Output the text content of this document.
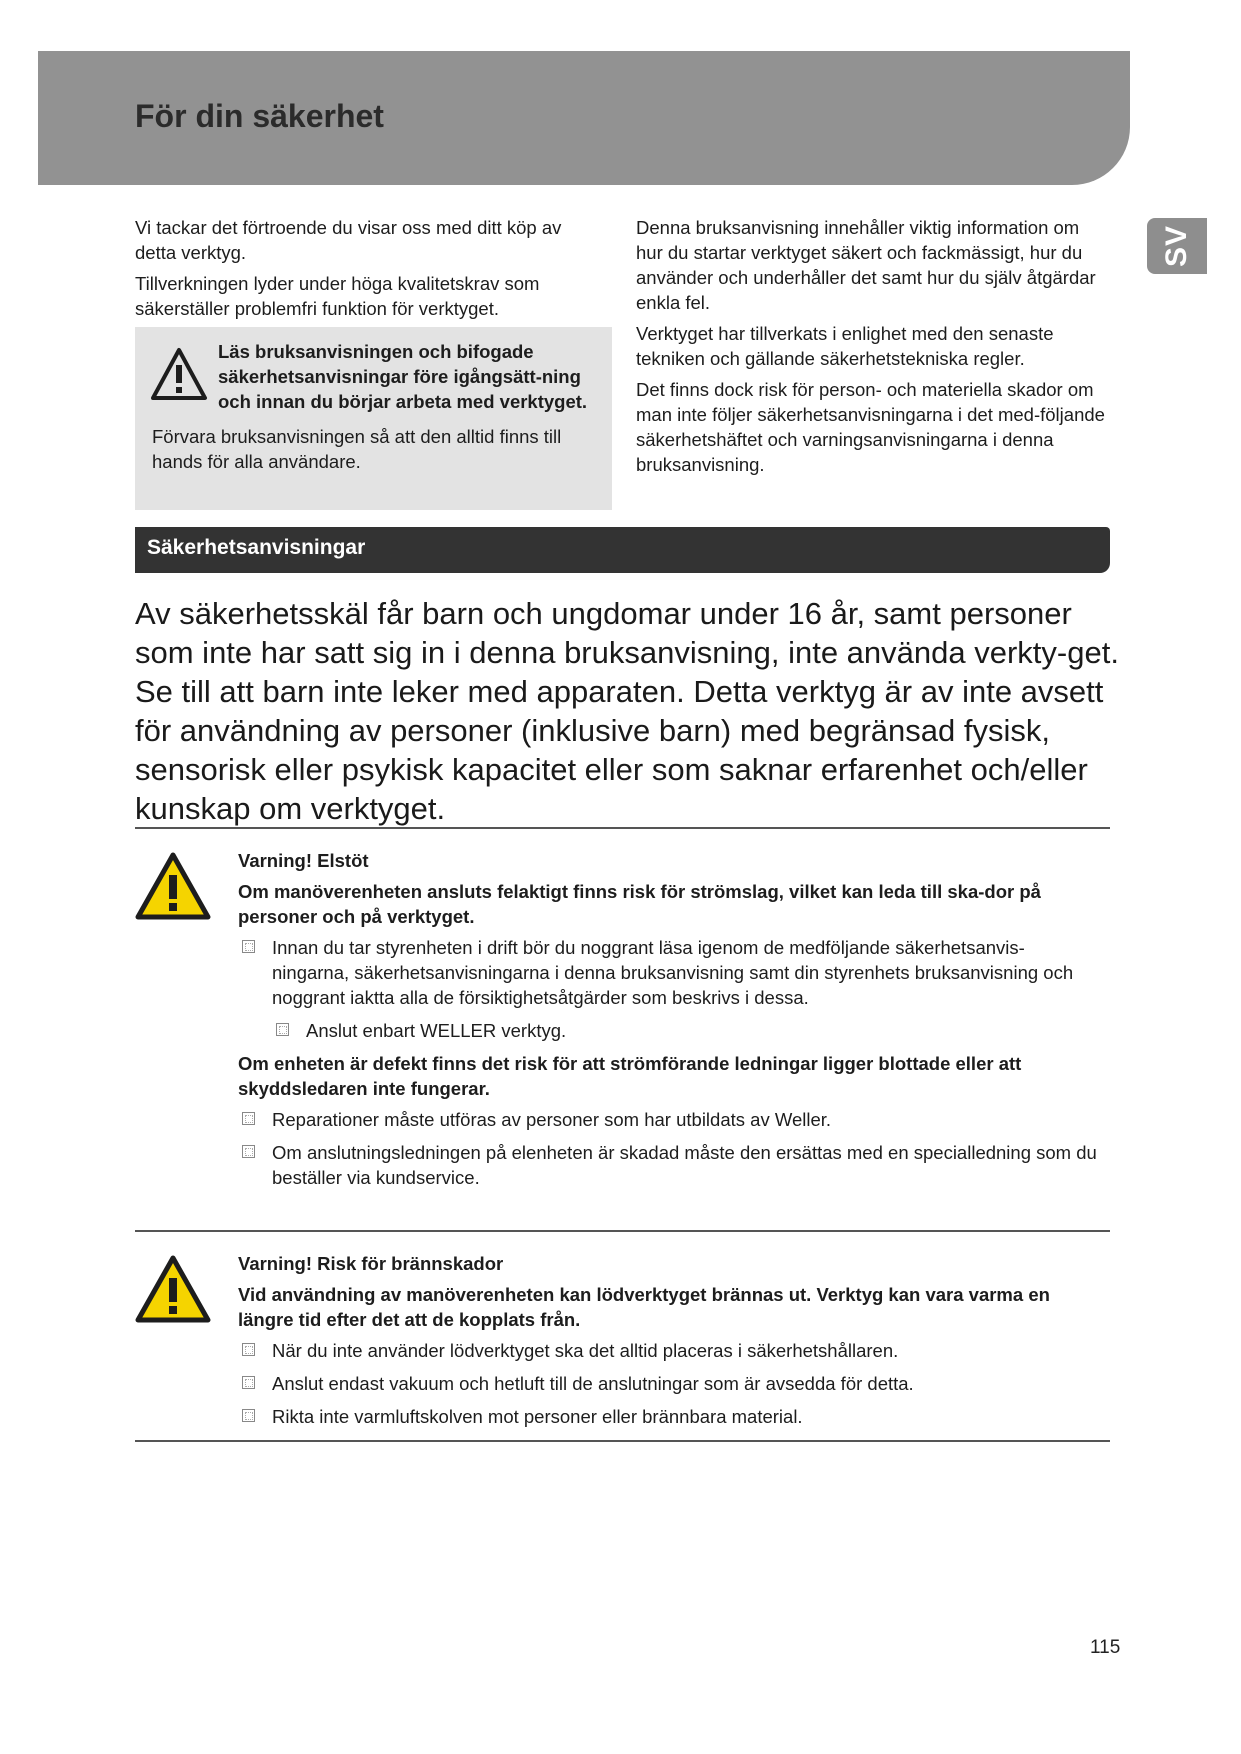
För din säkerhet
SV

Vi tackar det förtroende du visar oss med ditt köp av detta verktyg.

Tillverkningen lyder under höga kvalitetskrav som säkerställer problemfri funktion för verktyget.

Läs bruksanvisningen och bifogade säkerhetsanvisningar före igångsätt-ning och innan du börjar arbeta med verktyget.
Förvara bruksanvisningen så att den alltid finns till hands för alla användare.

Denna bruksanvisning innehåller viktig information om hur du startar verktyget säkert och fackmässigt, hur du använder och underhåller det samt hur du själv åtgärdar enkla fel.

Verktyget har tillverkats i enlighet med den senaste tekniken och gällande säkerhetstekniska regler.

Det finns dock risk för person- och materiella skador om man inte följer säkerhetsanvisningarna i det med-följande säkerhetshäftet och varningsanvisningarna i denna bruksanvisning.

Säkerhetsanvisningar

Av säkerhetsskäl får barn och ungdomar under 16 år, samt personer som inte har satt sig in i denna bruksanvisning, inte använda verkty-get. Se till att barn inte leker med apparaten. Detta verktyg är av inte avsett för användning av personer (inklusive barn) med begränsad fysisk, sensorisk eller psykisk kapacitet eller som saknar erfarenhet och/eller kunskap om verktyget.

Varning! Elstöt
Om manöverenheten ansluts felaktigt finns risk för strömslag, vilket kan leda till ska-dor på personer och på verktyget.
Innan du tar styrenheten i drift bör du noggrant läsa igenom de medföljande säkerhetsanvis-ningarna, säkerhetsanvisningarna i denna bruksanvisning samt din styrenhets bruksanvisning och noggrant iaktta alla de försiktighetsåtgärder som beskrivs i dessa.
Anslut enbart WELLER verktyg.
Om enheten är defekt finns det risk för att strömförande ledningar ligger blottade eller att skyddsledaren inte fungerar.
Reparationer måste utföras av personer som har utbildats av Weller.
Om anslutningsledningen på elenheten är skadad måste den ersättas med en specialledning som du beställer via kundservice.
Varning! Risk för brännskador
Vid användning av manöverenheten kan lödverktyget brännas ut. Verktyg kan vara varma en längre tid efter det att de kopplats från.
När du inte använder lödverktyget ska det alltid placeras i säkerhetshållaren.
Anslut endast vakuum och hetluft till de anslutningar som är avsedda för detta.
Rikta inte varmluftskolven mot personer eller brännbara material.

115
